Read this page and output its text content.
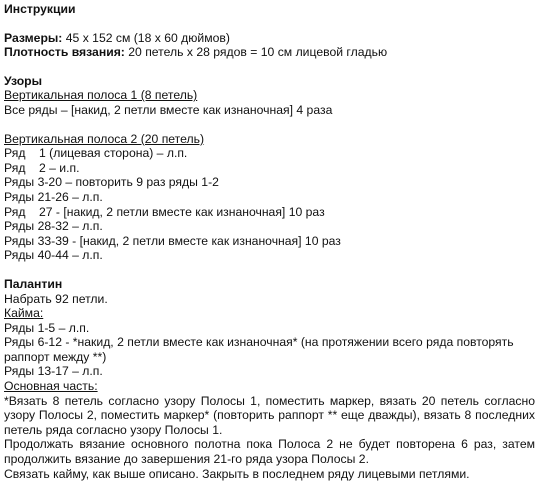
Инструкции
Размеры: 45 х 152 см (18 х 60 дюймов)
Плотность вязания: 20 петель х 28 рядов = 10 см лицевой гладью
Узоры
Вертикальная полоса 1 (8 петель)
Все ряды – [накид, 2 петли вместе как изнаночная] 4 раза
Вертикальная полоса 2 (20 петель)
Ряд    1 (лицевая сторона) – л.п.
Ряд    2 – и.п.
Ряды 3-20 – повторить 9 раз ряды 1-2
Ряды 21-26 – л.п.
Ряд    27 - [накид, 2 петли вместе как изнаночная] 10 раз
Ряды 28-32 – л.п.
Ряды 33-39 - [накид, 2 петли вместе как изнаночная] 10 раз
Ряды 40-44 – л.п.
Палантин
Набрать 92 петли.
Кайма:
Ряды 1-5 – л.п.
Ряды 6-12 - *накид, 2 петли вместе как изнаночная* (на протяжении всего ряда повторять раппорт между **)
Ряды 13-17 – л.п.
Основная часть:
*Вязать 8 петель согласно узору Полосы 1, поместить маркер, вязать 20 петель согласно узору Полосы 2, поместить маркер* (повторить раппорт ** еще дважды), вязать 8 последних петель ряда согласно узору Полосы 1.
Продолжать вязание основного полотна пока Полоса 2 не будет повторена 6 раз, затем продолжить вязание до завершения 21-го ряда узора Полосы 2.
Связать кайму, как выше описано. Закрыть в последнем ряду лицевыми петлями.
